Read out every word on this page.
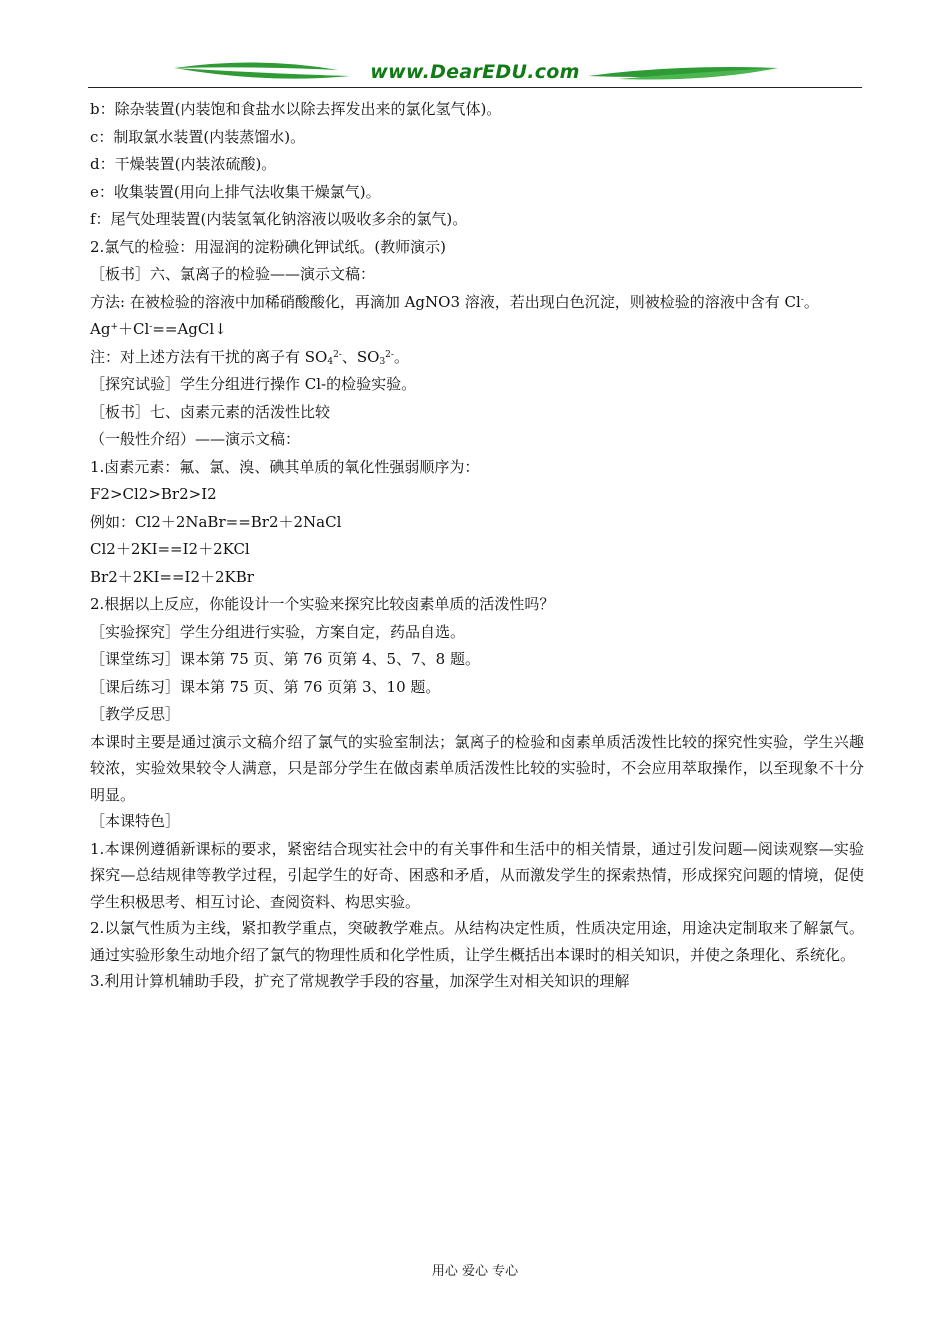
www.DearEDU.com

b：除杂装置(内装饱和食盐水以除去挥发出来的氯化氢气体)。

c：制取氯水装置(内装蒸馏水)。

d：干燥装置(内装浓硫酸)。

e：收集装置(用向上排气法收集干燥氯气)。

f：尾气处理装置(内装氢氧化钠溶液以吸收多余的氯气)。

2.氯气的检验：用湿润的淀粉碘化钾试纸。(教师演示)

［板书］六、氯离子的检验——演示文稿：

方法: 在被检验的溶液中加稀硝酸酸化，再滴加 AgNO3 溶液，若出现白色沉淀，则被检验的溶液中含有 Cl-。

Ag+＋Cl-==AgCl↓

注：对上述方法有干扰的离子有 $SO_4^{2-}$、$SO_3^{2-}$。

［探究试验］学生分组进行操作 Cl-的检验实验。

［板书］七、卤素元素的活泼性比较

（一般性介绍）——演示文稿：

1.卤素元素：氟、氯、溴、碘其单质的氧化性强弱顺序为：

F2>Cl2>Br2>I2

例如：Cl2＋2NaBr==Br2＋2NaCl

Cl2＋2KI==I2＋2KCl

Br2＋2KI==I2＋2KBr

2.根据以上反应，你能设计一个实验来探究比较卤素单质的活泼性吗？

［实验探究］学生分组进行实验，方案自定，药品自选。

［课堂练习］课本第 75 页、第 76 页第 4、5、7、8 题。

［课后练习］课本第 75 页、第 76 页第 3、10 题。

［教学反思］

本课时主要是通过演示文稿介绍了氯气的实验室制法；氯离子的检验和卤素单质活泼性比较的探究性实验，学生兴趣较浓，实验效果较令人满意，只是部分学生在做卤素单质活泼性比较的实验时，不会应用萃取操作，以至现象不十分明显。

［本课特色］

1.本课例遵循新课标的要求，紧密结合现实社会中的有关事件和生活中的相关情景，通过引发问题—阅读观察—实验探究—总结规律等教学过程，引起学生的好奇、困惑和矛盾，从而激发学生的探索热情，形成探究问题的情境，促使学生积极思考、相互讨论、查阅资料、构思实验。

2.以氯气性质为主线，紧扣教学重点，突破教学难点。从结构决定性质，性质决定用途，用途决定制取来了解氯气。通过实验形象生动地介绍了氯气的物理性质和化学性质，让学生概括出本课时的相关知识，并使之条理化、系统化。

3.利用计算机辅助手段，扩充了常规教学手段的容量，加深学生对相关知识的理解

用心 爱心 专心
